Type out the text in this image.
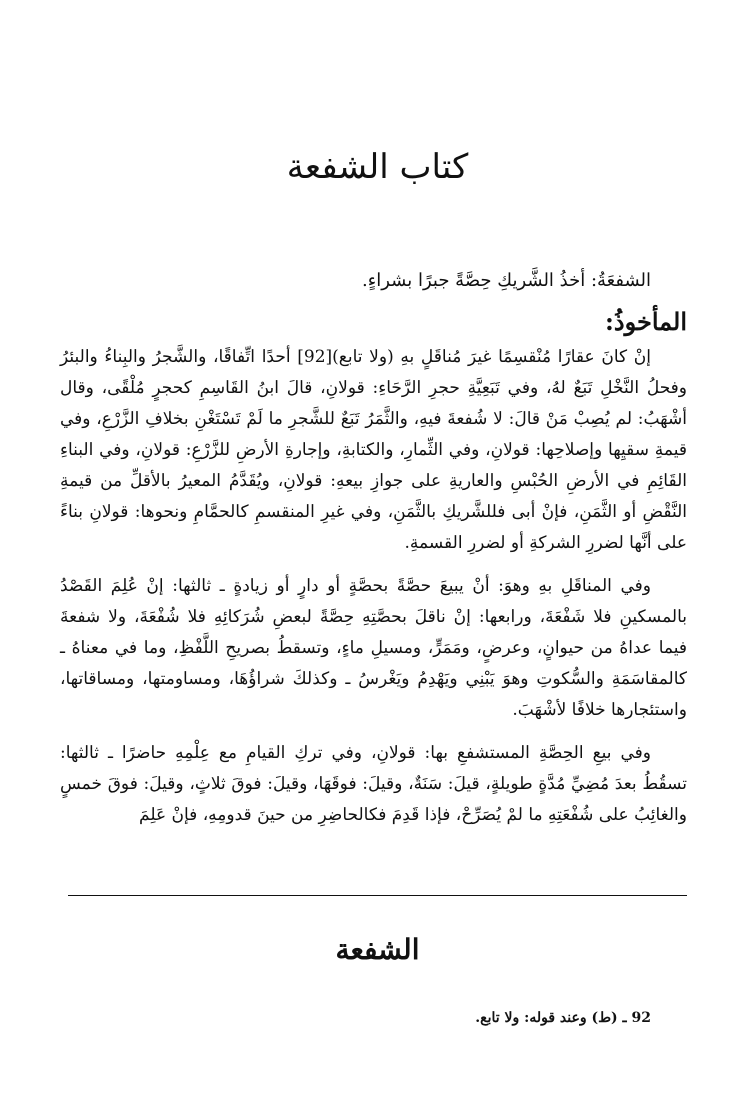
كتاب الشفعة

الشفعَةُ: أخذُ الشَّريكِ حِصَّةً جبرًا بشراءٍ.

المأخوذُ:

إنْ كانَ عقارًا مُنْقسِمًا غيرَ مُناقَلٍ بهِ (ولا تابع)[92] أحدًا اتِّفاقًا، والشَّجرُ والبِناءُ والبئرُ وفحلُ النَّخْلِ تَبَعٌ لهُ، وفي تَبَعِيَّةِ حجرِ الرَّحَاءِ: قولانِ، قالَ ابنُ القَاسِمِ كحجرٍ مُلْقًى، وقال أشْهَبُ: لم يُصِبْ مَنْ قالَ: لا شُفعةَ فيهِ، والثَّمَرُ تَبَعٌ للشَّجرِ ما لَمْ تَسْتَغْنِ بخلافِ الزَّرْعِ، وفي قيمةِ سقيِها وإصلاحِها: قولانِ، وفي الثِّمارِ، والكتابةِ، وإجارةِ الأرضِ للزَّرْعِ: قولانِ، وفي البناءِ القَائِمِ في الأرضِ الحُبْسِ والعاريةِ على جوازِ بيعهِ: قولانِ، ويُقَدَّمُ المعيرُ بالأقلِّ من قيمةِ النَّقْضِ أو الثَّمَنِ، فإنْ أبى فللشَّريكِ بالثَّمَنِ، وفي غيرِ المنقسمِ كالحمَّامِ ونحوها: قولانِ بناءً على أنَّها لضررِ الشركةِ أو لضررِ القسمةِ.

وفي المناقَلِ بهِ وهوَ: أنْ يبيعَ حصَّةً بحصَّةٍ أو دارٍ أو زيادةٍ ـ ثالثها: إنْ عُلِمَ القَصْدُ بالمسكينِ فلا شَفْعَةَ، ورابعها: إنْ ناقلَ بحصَّتِهِ حِصَّةً لبعضِ شُرَكائِهِ فلا شُفْعَةَ، ولا شفعةَ فيما عداهُ من حيوانٍ، وعرضٍ، ومَمَرٍّ، ومسيلِ ماءٍ، وتسقطُ بصريحِ اللَّفْظِ، وما في معناهُ ـ كالمقاسَمَةِ والسُّكوتِ وهوَ يَبْنِي ويَهْدِمُ ويَغْرسُ ـ وكذلكَ شراؤُهَا، ومساومتها، ومساقاتها، واستئجارها خلافًا لأشْهَبَ.

وفي بيعِ الحِصَّةِ المستشفعِ بها: قولانِ، وفي تركِ القيامِ مع عِلْمِهِ حاضرًا ـ ثالثها: تسقُطُ بعدَ مُضِيِّ مُدَّةٍ طويلةٍ، قيلَ: سَنَةٌ، وقيلَ: فوقَهَا، وقيلَ: فوقَ ثلاثٍ، وقيلَ: فوقَ خمسٍ والغائِبُ على شُفْعَتِهِ ما لمْ يُصَرِّحْ، فإذا قَدِمَ فكالحاضِرِ من حينَ قدومِهِ، فإنْ عَلِمَ

الشفعة

92 ـ (ط) وعند قوله: ولا تابع.
